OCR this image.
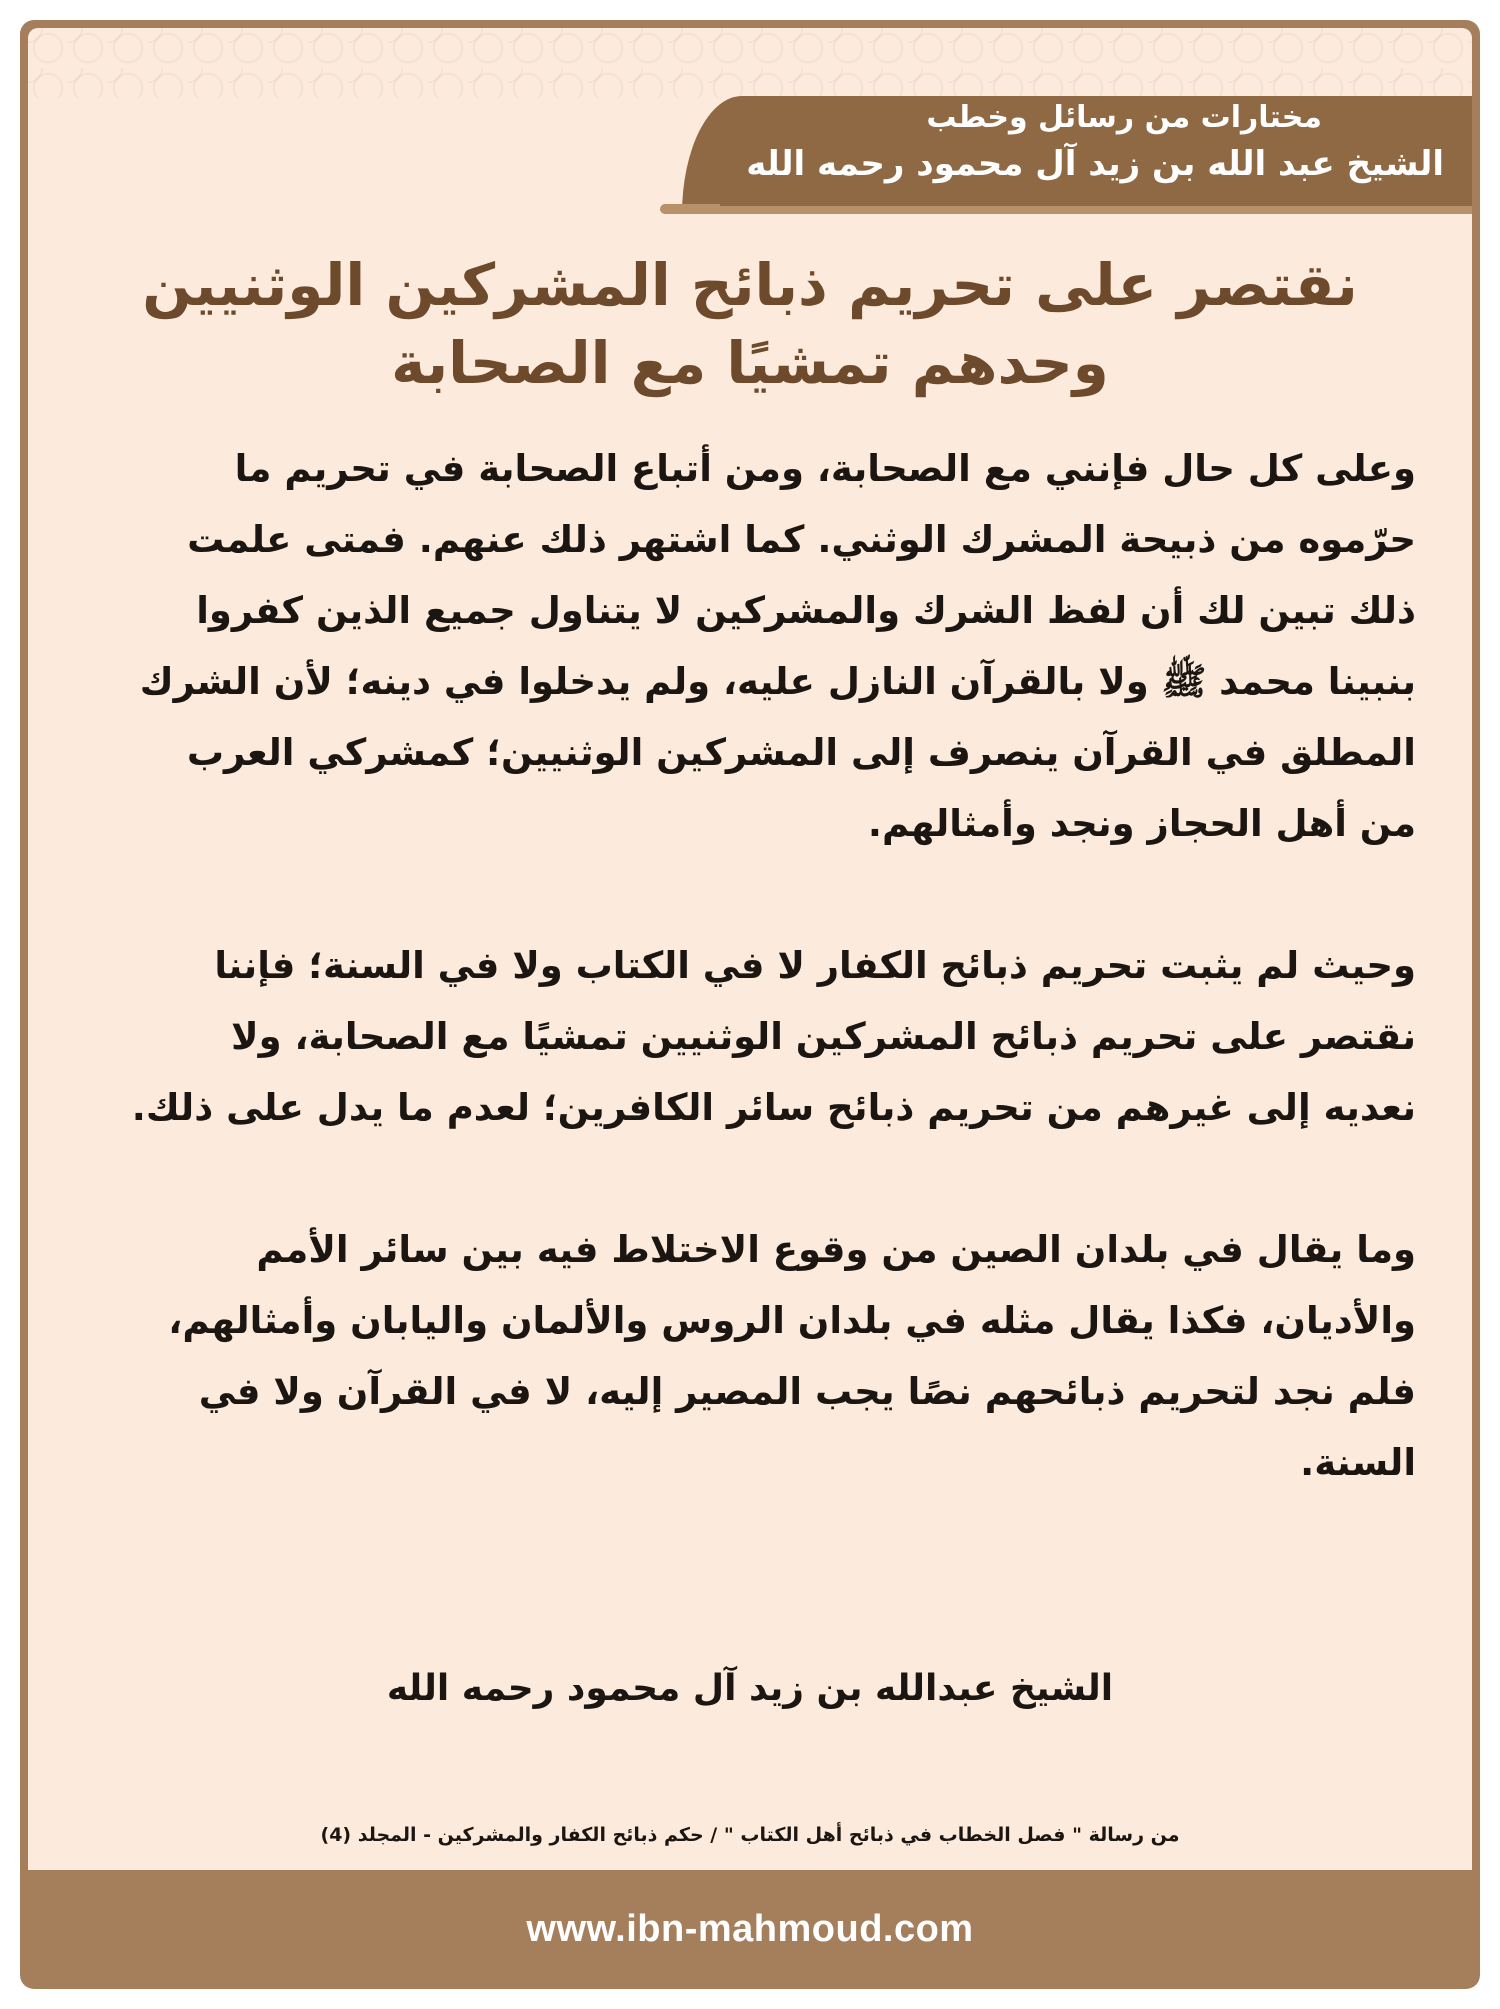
مختارات من رسائل وخطب
الشيخ عبد الله بن زيد آل محمود رحمه الله
نقتصر على تحريم ذبائح المشركين الوثنيين
وحدهم تمشيًا مع الصحابة

وعلى كل حال فإنني مع الصحابة، ومن أتباع الصحابة في تحريم ما حرّموه من ذبيحة المشرك الوثني. كما اشتهر ذلك عنهم. فمتى علمت ذلك تبين لك أن لفظ الشرك والمشركين لا يتناول جميع الذين كفروا بنبينا محمد ﷺ ولا بالقرآن النازل عليه، ولم يدخلوا في دينه؛ لأن الشرك المطلق في القرآن ينصرف إلى المشركين الوثنيين؛ كمشركي العرب من أهل الحجاز ونجد وأمثالهم.

وحيث لم يثبت تحريم ذبائح الكفار لا في الكتاب ولا في السنة؛ فإننا نقتصر على تحريم ذبائح المشركين الوثنيين تمشيًا مع الصحابة، ولا نعديه إلى غيرهم من تحريم ذبائح سائر الكافرين؛ لعدم ما يدل على ذلك.

وما يقال في بلدان الصين من وقوع الاختلاط فيه بين سائر الأمم والأديان، فكذا يقال مثله في بلدان الروس والألمان واليابان وأمثالهم، فلم نجد لتحريم ذبائحهم نصًا يجب المصير إليه، لا في القرآن ولا في السنة.

الشيخ عبدالله بن زيد آل محمود رحمه الله
من رسالة " فصل الخطاب في ذبائح أهل الكتاب " / حكم ذبائح الكفار والمشركين - المجلد (4)
www.ibn-mahmoud.com
